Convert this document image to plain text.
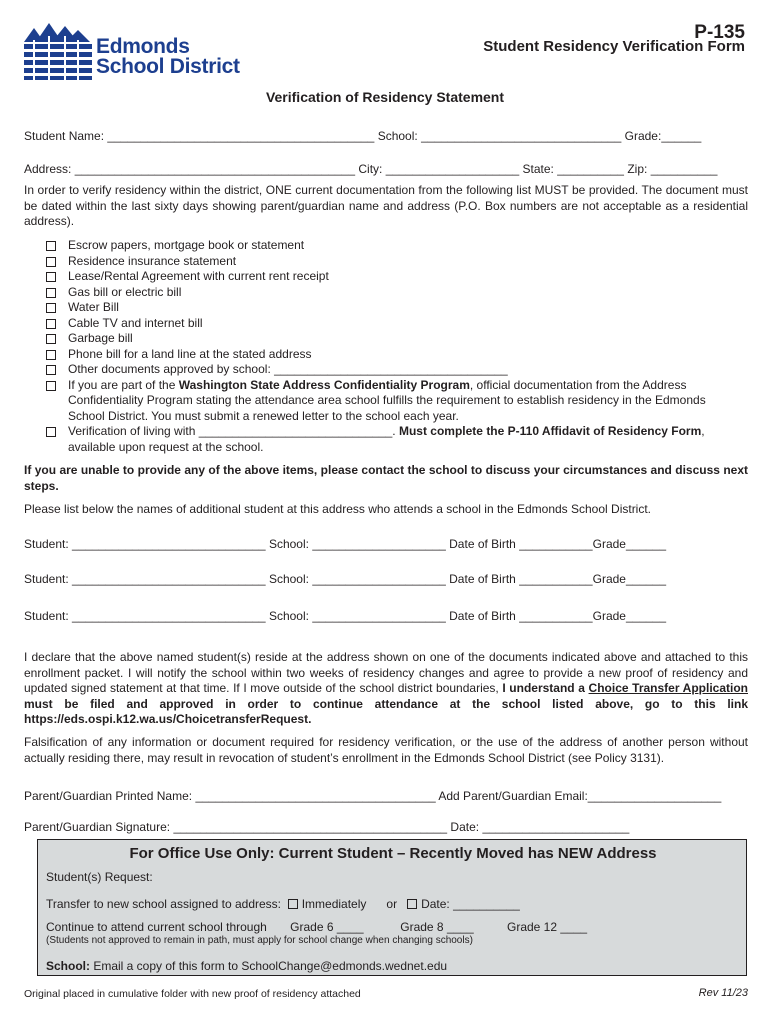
Edmonds
School District
P-135
Student Residency Verification Form
Verification of Residency Statement
Student Name: ________________________________________ School: ______________________________ Grade:______
Address: __________________________________________ City: ____________________ State: __________ Zip: __________
In order to verify residency within the district, ONE current documentation from the following list MUST be provided. The document must be dated within the last sixty days showing parent/guardian name and address (P.O. Box numbers are not acceptable as a residential address).
Escrow papers, mortgage book or statement
Residence insurance statement
Lease/Rental Agreement with current rent receipt
Gas bill or electric bill
Water Bill
Cable TV and internet bill
Garbage bill
Phone bill for a land line at the stated address
Other documents approved by school: ___________________________________
If you are part of the Washington State Address Confidentiality Program, official documentation from the Address Confidentiality Program stating the attendance area school fulfills the requirement to establish residency in the Edmonds School District. You must submit a renewed letter to the school each year.
Verification of living with _____________________________. Must complete the P-110 Affidavit of Residency Form, available upon request at the school.
If you are unable to provide any of the above items, please contact the school to discuss your circumstances and discuss next steps.
Please list below the names of additional student at this address who attends a school in the Edmonds School District.
Student: _____________________________ School: ____________________ Date of Birth ___________Grade______
Student: _____________________________ School: ____________________ Date of Birth ___________Grade______
Student: _____________________________ School: ____________________ Date of Birth ___________Grade______
I declare that the above named student(s) reside at the address shown on one of the documents indicated above and attached to this enrollment packet. I will notify the school within two weeks of residency changes and agree to provide a new proof of residency and updated signed statement at that time. If I move outside of the school district boundaries, I understand a Choice Transfer Application must be filed and approved in order to continue attendance at the school listed above, go to this link https://eds.ospi.k12.wa.us/ChoicetransferRequest.
Falsification of any information or document required for residency verification, or the use of the address of another person without actually residing there, may result in revocation of student’s enrollment in the Edmonds School District (see Policy 3131).
Parent/Guardian Printed Name: ____________________________________ Add Parent/Guardian Email:____________________
Parent/Guardian Signature: _________________________________________ Date: ______________________
For Office Use Only: Current Student – Recently Moved has NEW Address
Student(s) Request:
Transfer to new school assigned to address: Immediately or Date: __________
Continue to attend current school through Grade 6 ____	Grade 8 ____	Grade 12 ____
(Students not approved to remain in path, must apply for school change when changing schools)
School: Email a copy of this form to SchoolChange@edmonds.wednet.edu
Original placed in cumulative folder with new proof of residency attached	Rev 11/23
